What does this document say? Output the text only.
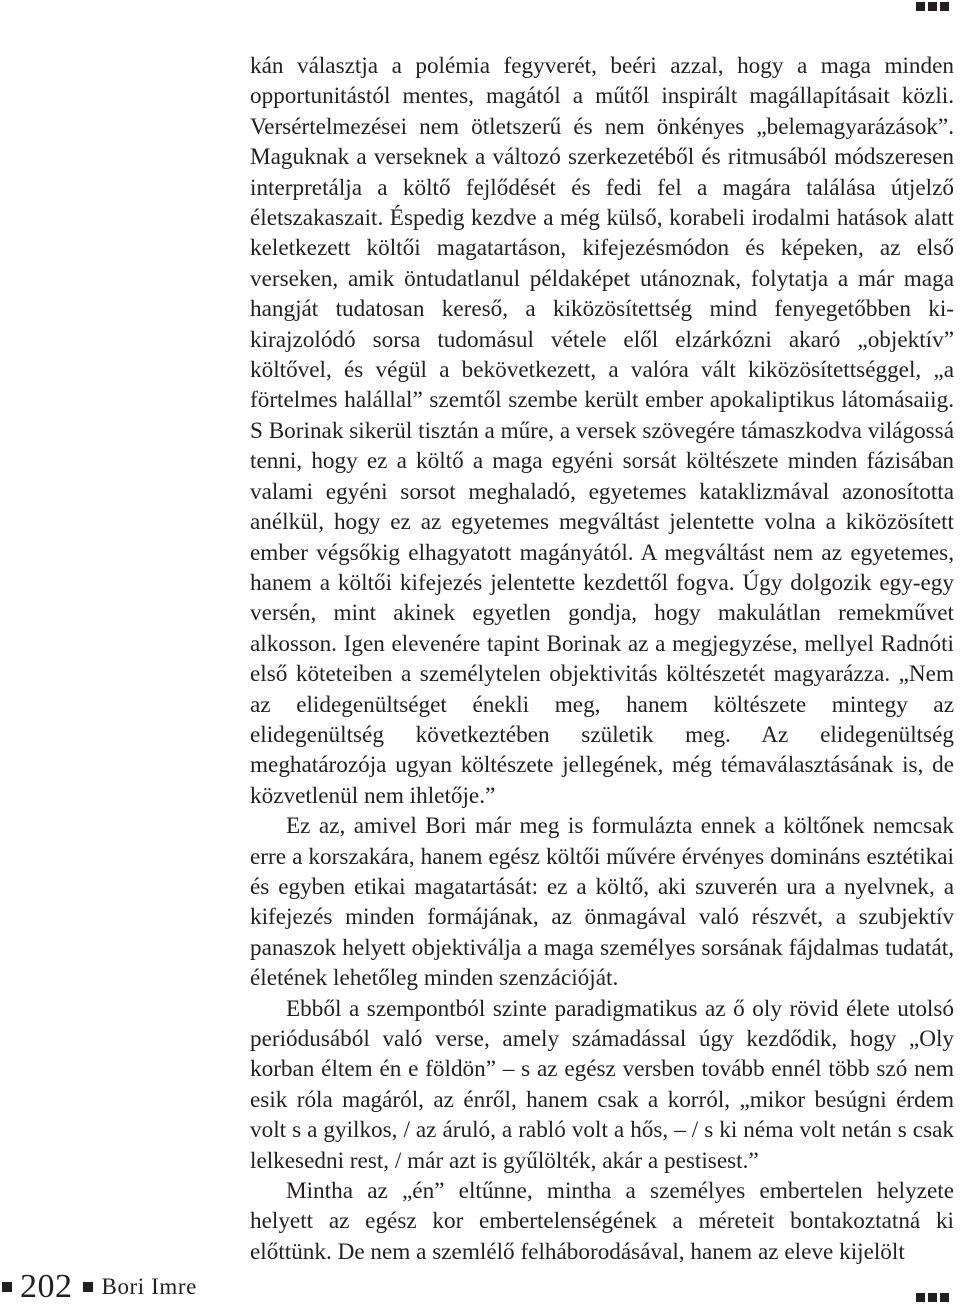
kán választja a polémia fegyverét, beéri azzal, hogy a maga minden opportunitástól mentes, magától a műtől inspirált magállapításait közli. Versértelmezései nem ötletszerű és nem önkényes „belemagyarázások”. Maguknak a verseknek a változó szerkezetéből és ritmusából módszeresen interpretálja a költő fejlődését és fedi fel a magára találása útjelző életszakaszait. Éspedig kezdve a még külső, korabeli irodalmi hatások alatt keletkezett költői magatartáson, kifejezésmódon és képeken, az első verseken, amik öntudatlanul példaképet utánoznak, folytatja a már maga hangját tudatosan kereső, a kiközösítettség mind fenyegetőbben ki-kirajzolódó sorsa tudomásul vétele elől elzárkózni akaró „objektív” költővel, és végül a bekövetkezett, a valóra vált kiközösítettséggel, „a förtelmes halállal” szemtől szembe került ember apokaliptikus látomásaiig. S Borinak sikerül tisztán a műre, a versek szövegére támaszkodva világossá tenni, hogy ez a költő a maga egyéni sorsát költészete minden fázisában valami egyéni sorsot meghaladó, egyetemes kataklizmával azonosította anélkül, hogy ez az egyetemes megváltást jelentette volna a kiközösített ember végsőkig elhagyatott magányától. A megváltást nem az egyetemes, hanem a költői kifejezés jelentette kezdettől fogva. Úgy dolgozik egy-egy versén, mint akinek egyetlen gondja, hogy makulátlan remekművet alkosson. Igen elevenére tapint Borinak az a megjegyzése, mellyel Radnóti első köteteiben a személytelen objektivitás költészetét magyarázza. „Nem az elidegenültséget énekli meg, hanem költészete mintegy az elidegenültség következtében születik meg. Az elidegenültség meghatározója ugyan költészete jellegének, még témaválasztásának is, de közvetlenül nem ihletője.”

Ez az, amivel Bori már meg is formulázta ennek a költőnek nemcsak erre a korszakára, hanem egész költői művére érvényes domináns esztétikai és egyben etikai magatartását: ez a költő, aki szuverén ura a nyelvnek, a kifejezés minden formájának, az önmagával való részvét, a szubjektív panaszok helyett objektiválja a maga személyes sorsának fájdalmas tudatát, életének lehetőleg minden szenzációját.

Ebből a szempontból szinte paradigmatikus az ő oly rövid élete utolsó periódusából való verse, amely számadással úgy kezdődik, hogy „Oly korban éltem én e földön” – s az egész versben tovább ennél több szó nem esik róla magáról, az énről, hanem csak a korról, „mikor besúgni érdem volt s a gyilkos, / az áruló, a rabló volt a hős, – / s ki néma volt netán s csak lelkesedni rest, / már azt is gyűlölték, akár a pestisest.”

Mintha az „én” eltűnne, mintha a személyes embertelen helyzete helyett az egész kor embertelenségének a méreteit bontakoztatná ki előttünk. De nem a szemlélő felháborodásával, hanem az eleve kijelölt

202 Bori Imre
